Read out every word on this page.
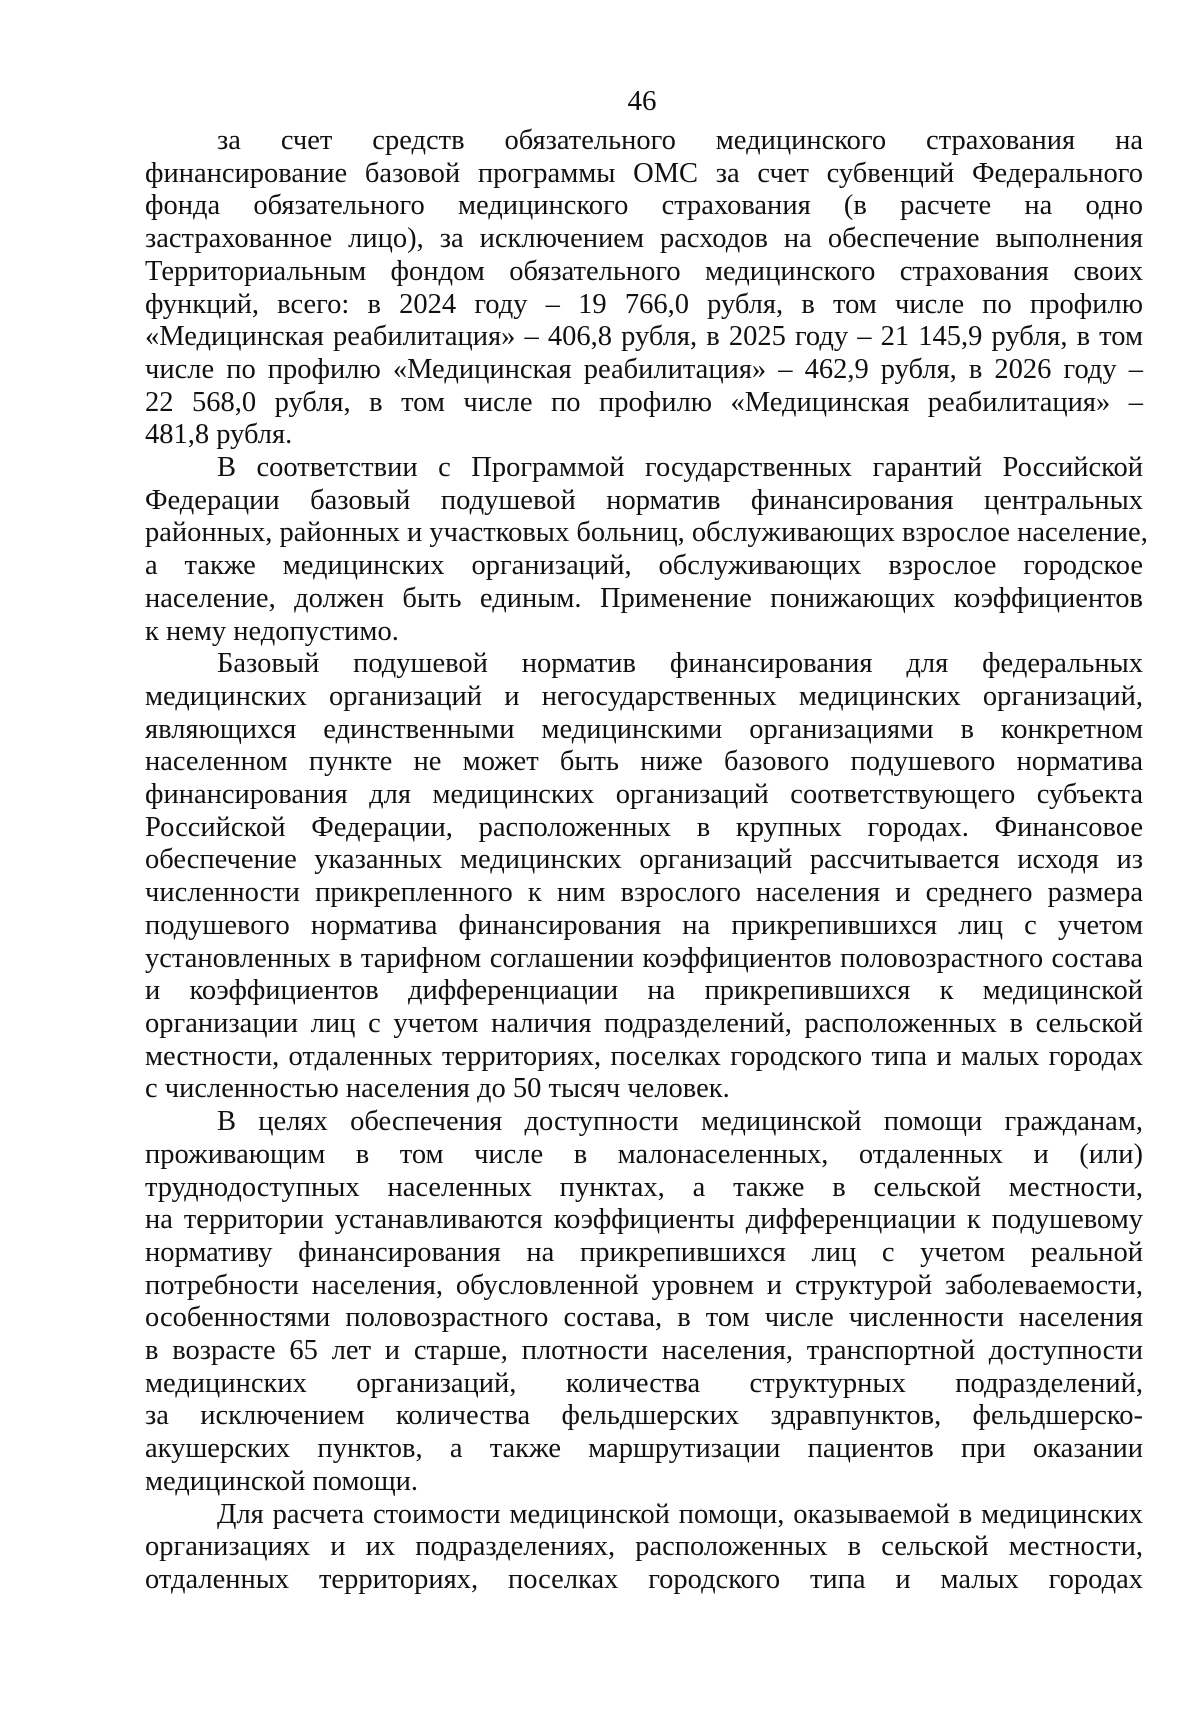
46
за счет средств обязательного медицинского страхования на
финансирование базовой программы ОМС за счет субвенций Федерального
фонда обязательного медицинского страхования (в расчете на одно
застрахованное лицо), за исключением расходов на обеспечение выполнения
Территориальным фондом обязательного медицинского страхования своих
функций, всего: в 2024 году – 19 766,0 рубля, в том числе по профилю
«Медицинская реабилитация» – 406,8 рубля, в 2025 году – 21 145,9 рубля, в том
числе по профилю «Медицинская реабилитация» – 462,9 рубля, в 2026 году –
22 568,0 рубля, в том числе по профилю «Медицинская реабилитация» –
481,8 рубля.
В соответствии с Программой государственных гарантий Российской
Федерации базовый подушевой норматив финансирования центральных
районных, районных и участковых больниц, обслуживающих взрослое население,
а также медицинских организаций, обслуживающих взрослое городское
население, должен быть единым. Применение понижающих коэффициентов
к нему недопустимо.
Базовый подушевой норматив финансирования для федеральных
медицинских организаций и негосударственных медицинских организаций,
являющихся единственными медицинскими организациями в конкретном
населенном пункте не может быть ниже базового подушевого норматива
финансирования для медицинских организаций соответствующего субъекта
Российской Федерации, расположенных в крупных городах. Финансовое
обеспечение указанных медицинских организаций рассчитывается исходя из
численности прикрепленного к ним взрослого населения и среднего размера
подушевого норматива финансирования на прикрепившихся лиц с учетом
установленных в тарифном соглашении коэффициентов половозрастного состава
и коэффициентов дифференциации на прикрепившихся к медицинской
организации лиц с учетом наличия подразделений, расположенных в сельской
местности, отдаленных территориях, поселках городского типа и малых городах
с численностью населения до 50 тысяч человек.
В целях обеспечения доступности медицинской помощи гражданам,
проживающим в том числе в малонаселенных, отдаленных и (или)
труднодоступных населенных пунктах, а также в сельской местности,
на территории устанавливаются коэффициенты дифференциации к подушевому
нормативу финансирования на прикрепившихся лиц с учетом реальной
потребности населения, обусловленной уровнем и структурой заболеваемости,
особенностями половозрастного состава, в том числе численности населения
в возрасте 65 лет и старше, плотности населения, транспортной доступности
медицинских организаций, количества структурных подразделений,
за исключением количества фельдшерских здравпунктов, фельдшерско-
акушерских пунктов, а также маршрутизации пациентов при оказании
медицинской помощи.
Для расчета стоимости медицинской помощи, оказываемой в медицинских
организациях и их подразделениях, расположенных в сельской местности,
отдаленных территориях, поселках городского типа и малых городах
